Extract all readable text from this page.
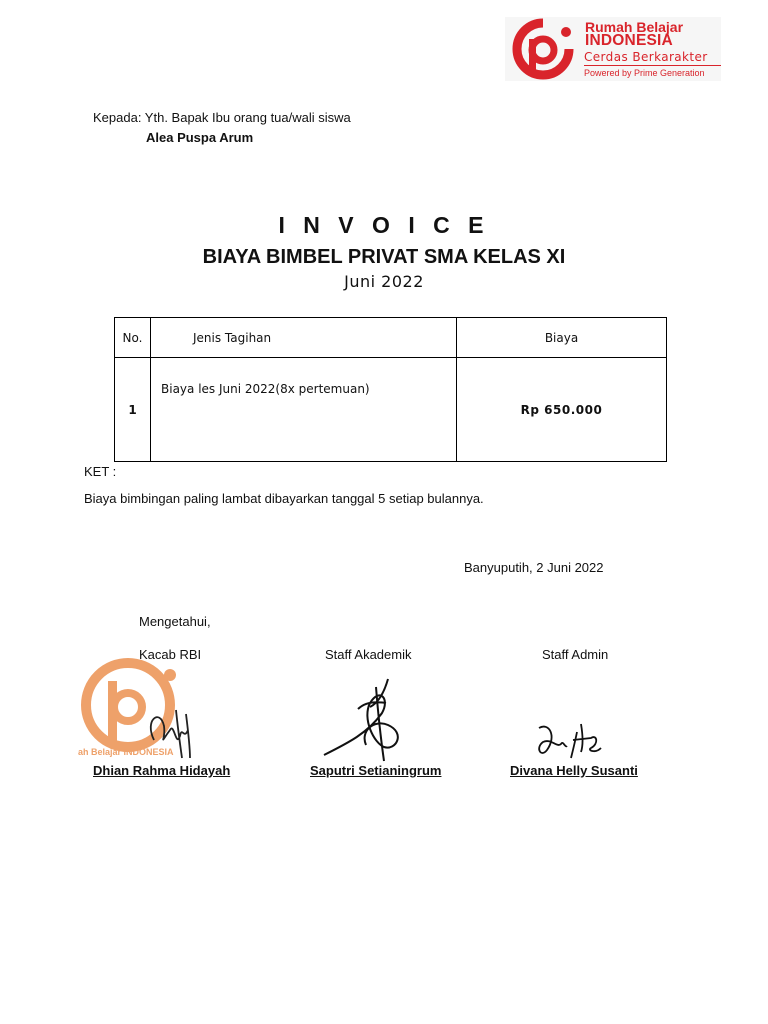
Rumah Belajar
INDONESIA
Cerdas Berkarakter
Powered by Prime Generation
Kepada: Yth. Bapak Ibu orang tua/wali siswa
Alea Puspa Arum
I N V O I C E
BIAYA BIMBEL PRIVAT SMA KELAS XI
Juni 2022
No.	Jenis Tagihan	Biaya
1	Biaya les Juni 2022(8x pertemuan)	Rp 650.000
KET :
Biaya bimbingan paling lambat dibayarkan tanggal 5 setiap bulannya.
Banyuputih, 2 Juni 2022
Mengetahui,
Kacab RBI	Staff Akademik	Staff Admin
ah Belajar INDONESIA
Dhian Rahma Hidayah	Saputri Setianingrum	Divana Helly Susanti
